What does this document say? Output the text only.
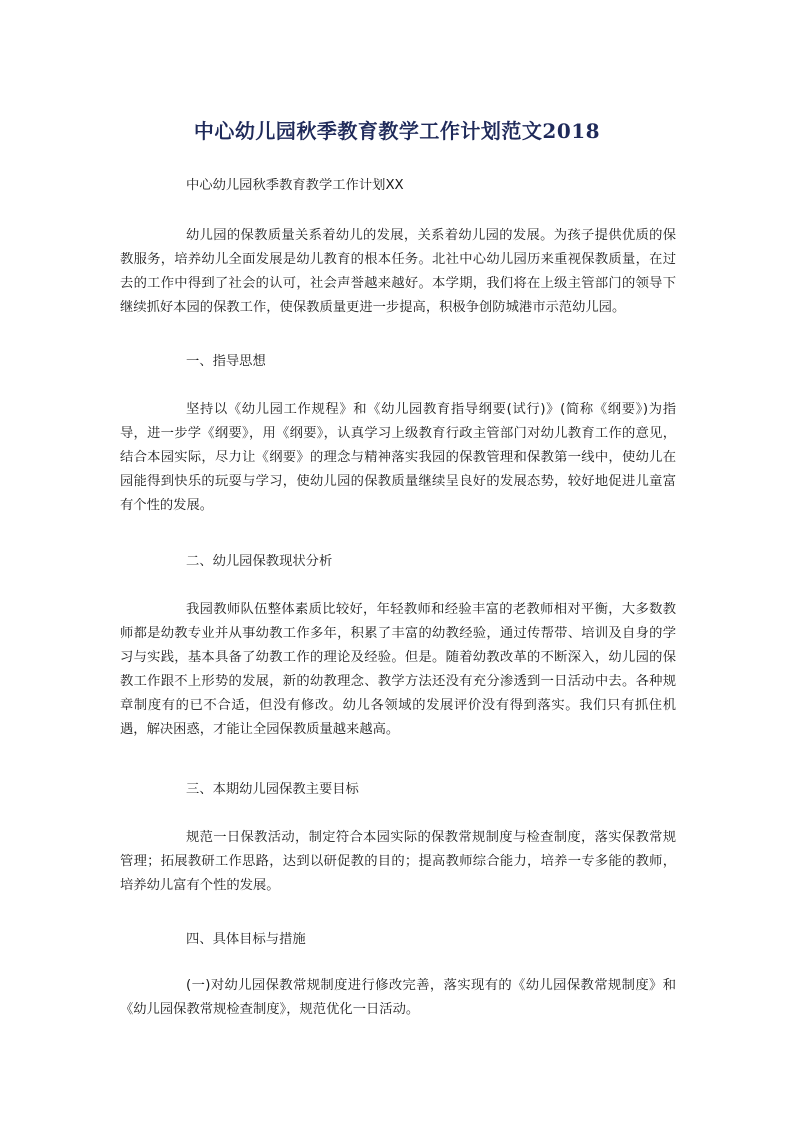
中心幼儿园秋季教育教学工作计划范文2018

中心幼儿园秋季教育教学工作计划XX

幼儿园的保教质量关系着幼儿的发展，关系着幼儿园的发展。为孩子提供优质的保教服务，培养幼儿全面发展是幼儿教育的根本任务。北社中心幼儿园历来重视保教质量，在过去的工作中得到了社会的认可，社会声誉越来越好。本学期，我们将在上级主管部门的领导下继续抓好本园的保教工作，使保教质量更进一步提高，积极争创防城港市示范幼儿园。

一、指导思想

坚持以《幼儿园工作规程》和《幼儿园教育指导纲要(试行)》(简称《纲要》)为指导，进一步学《纲要》，用《纲要》，认真学习上级教育行政主管部门对幼儿教育工作的意见，结合本园实际，尽力让《纲要》的理念与精神落实我园的保教管理和保教第一线中，使幼儿在园能得到快乐的玩耍与学习，使幼儿园的保教质量继续呈良好的发展态势，较好地促进儿童富有个性的发展。

二、幼儿园保教现状分析

我园教师队伍整体素质比较好，年轻教师和经验丰富的老教师相对平衡，大多数教师都是幼教专业并从事幼教工作多年，积累了丰富的幼教经验，通过传帮带、培训及自身的学习与实践，基本具备了幼教工作的理论及经验。但是。随着幼教改革的不断深入，幼儿园的保教工作跟不上形势的发展，新的幼教理念、教学方法还没有充分渗透到一日活动中去。各种规章制度有的已不合适，但没有修改。幼儿各领域的发展评价没有得到落实。我们只有抓住机遇，解决困惑，才能让全园保教质量越来越高。

三、本期幼儿园保教主要目标

规范一日保教活动，制定符合本园实际的保教常规制度与检查制度，落实保教常规管理；拓展教研工作思路，达到以研促教的目的；提高教师综合能力，培养一专多能的教师，培养幼儿富有个性的发展。

四、具体目标与措施

(一)对幼儿园保教常规制度进行修改完善，落实现有的《幼儿园保教常规制度》和《幼儿园保教常规检查制度》，规范优化一日活动。
